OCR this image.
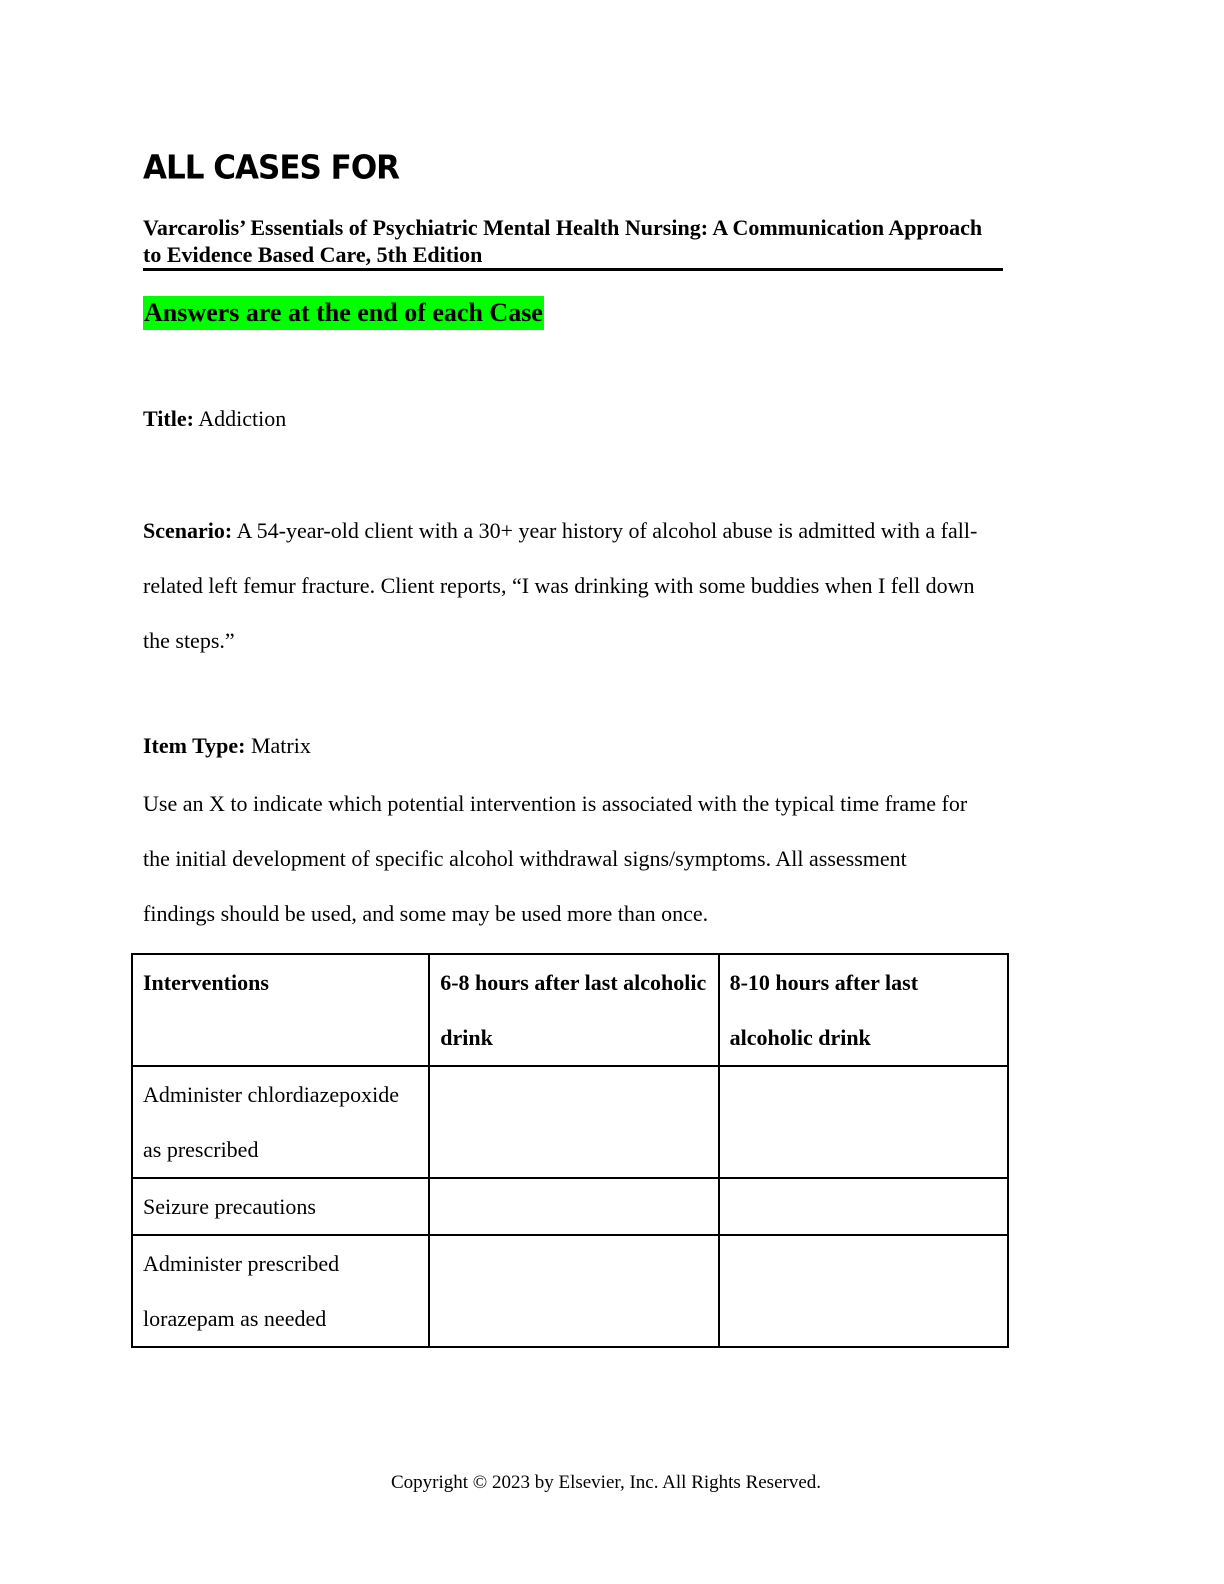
ALL CASES FOR
Varcarolis’ Essentials of Psychiatric Mental Health Nursing: A Communication Approach to Evidence Based Care, 5th Edition
Answers are at the end of each Case
Title: Addiction
Scenario: A 54-year-old client with a 30+ year history of alcohol abuse is admitted with a fall-related left femur fracture. Client reports, “I was drinking with some buddies when I fell down the steps.”
Item Type: Matrix
Use an X to indicate which potential intervention is associated with the typical time frame for the initial development of specific alcohol withdrawal signs/symptoms. All assessment findings should be used, and some may be used more than once.
Interventions	6-8 hours after last alcoholic drink	8-10 hours after last alcoholic drink
Administer chlordiazepoxide as prescribed		
Seizure precautions		
Administer prescribed lorazepam as needed		
Copyright © 2023 by Elsevier, Inc. All Rights Reserved.
